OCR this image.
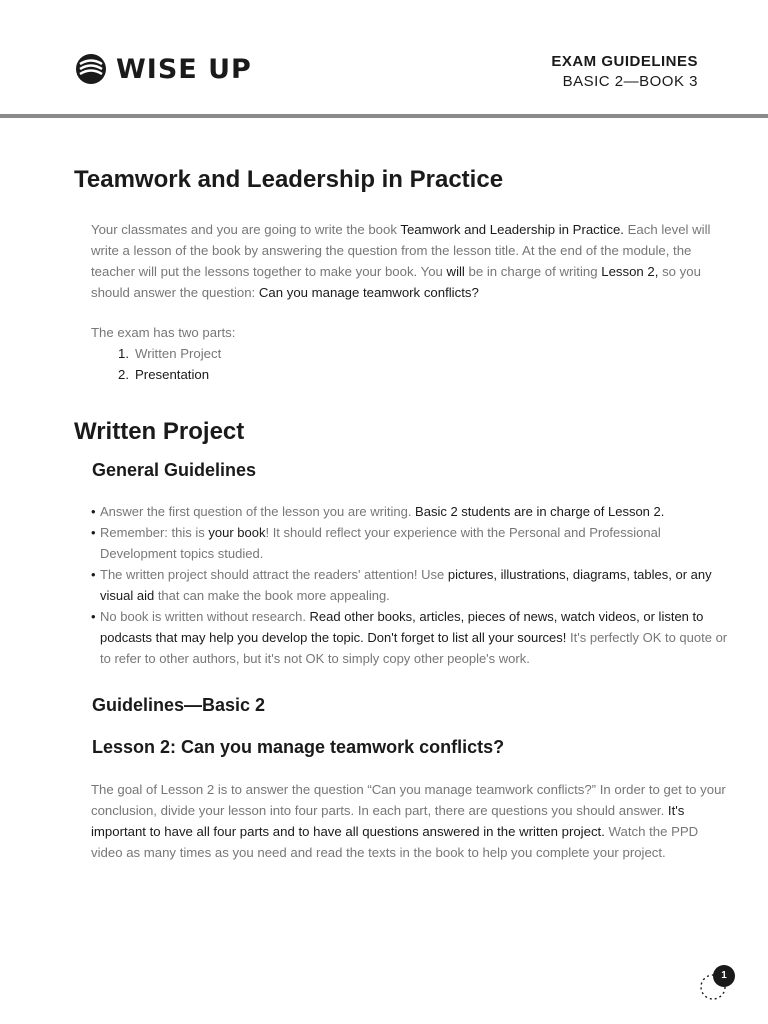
WISE UP	EXAM GUIDELINES
BASIC 2—BOOK 3
Teamwork and Leadership in Practice
Your classmates and you are going to write the book Teamwork and Leadership in Practice. Each level will write a lesson of the book by answering the question from the lesson title. At the end of the module, the teacher will put the lessons together to make your book. You will be in charge of writing Lesson 2, so you should answer the question: Can you manage teamwork conflicts?
The exam has two parts:
1. Written Project
2. Presentation
Written Project
General Guidelines
• Answer the first question of the lesson you are writing. Basic 2 students are in charge of Lesson 2.
• Remember: this is your book! It should reflect your experience with the Personal and Professional Development topics studied.
• The written project should attract the readers' attention! Use pictures, illustrations, diagrams, tables, or any visual aid that can make the book more appealing.
• No book is written without research. Read other books, articles, pieces of news, watch videos, or listen to podcasts that may help you develop the topic. Don't forget to list all your sources! It's perfectly OK to quote or to refer to other authors, but it's not OK to simply copy other people's work.
Guidelines—Basic 2
Lesson 2: Can you manage teamwork conflicts?
The goal of Lesson 2 is to answer the question “Can you manage teamwork conflicts?” In order to get to your conclusion, divide your lesson into four parts. In each part, there are questions you should answer. It's important to have all four parts and to have all questions answered in the written project. Watch the PPD video as many times as you need and read the texts in the book to help you complete your project.
1
